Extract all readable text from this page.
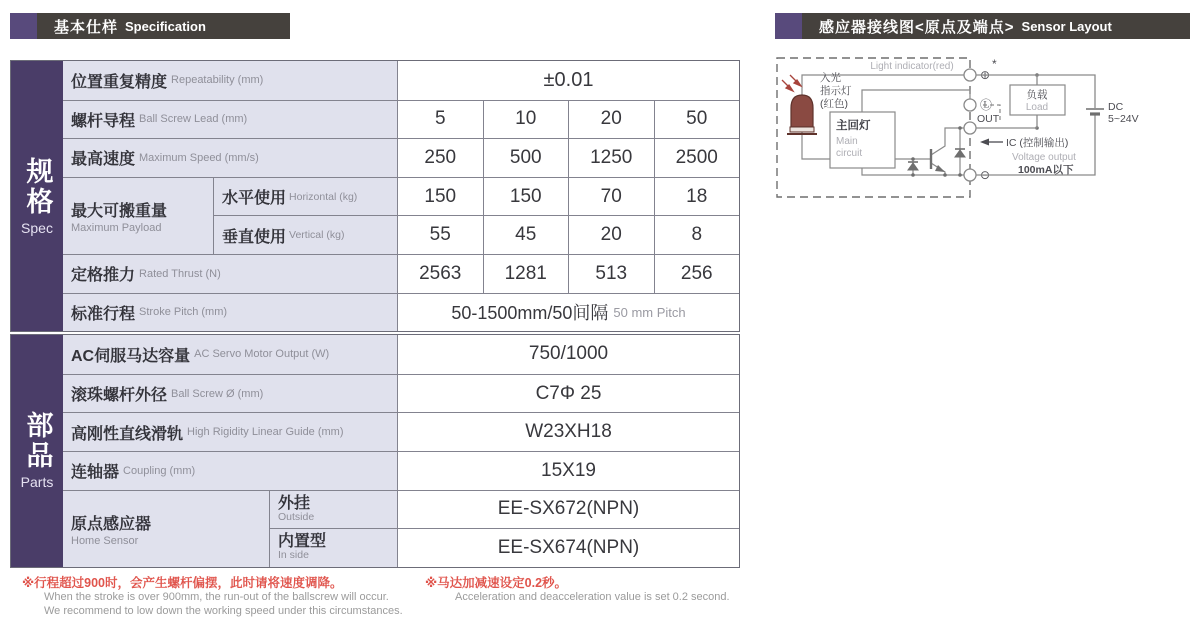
基本仕样 Specification	感应器接线图<原点及端点> Sensor Layout
规格
Spec
位置重复精度 Repeatability (mm)	±0.01
螺杆导程 Ball Screw Lead (mm)	5	10	20	50
最高速度 Maximum Speed (mm/s)	250	500	1250	2500
最大可搬重量
Maximum Payload
水平使用 Horizontal (kg)	150	150	70	18
垂直使用 Vertical (kg)	55	45	20	8
定格推力 Rated Thrust (N)	2563	1281	513	256
标准行程 Stroke Pitch (mm)	50-1500mm/50间隔 50 mm Pitch
部品
Parts
AC伺服马达容量 AC Servo Motor Output (W)	750/1000
滚珠螺杆外径 Ball Screw Ø (mm)	C7Φ 25
高刚性直线滑轨 High Rigidity Linear Guide (mm)	W23XH18
连轴器 Coupling (mm)	15X19
原点感应器
Home Sensor
外挂
Outside	EE-SX672(NPN)
内置型
In side	EE-SX674(NPN)
※行程超过900时，会产生螺杆偏摆，此时请将速度调降。
When the stroke is over 900mm, the run-out of the ballscrew will occur.
We recommend to low down the working speed under this circumstances.
※马达加减速设定0.2秒。
Acceleration and deacceleration value is set 0.2 second.
Light indicator(red)
入光
指示灯
(红色)
主回灯
Main
circuit
⊕
*
Ⓛ
OUT
⊖
DC
5~24V
负载
Load
IC (控制输出)
Voltage output
100mA以下
